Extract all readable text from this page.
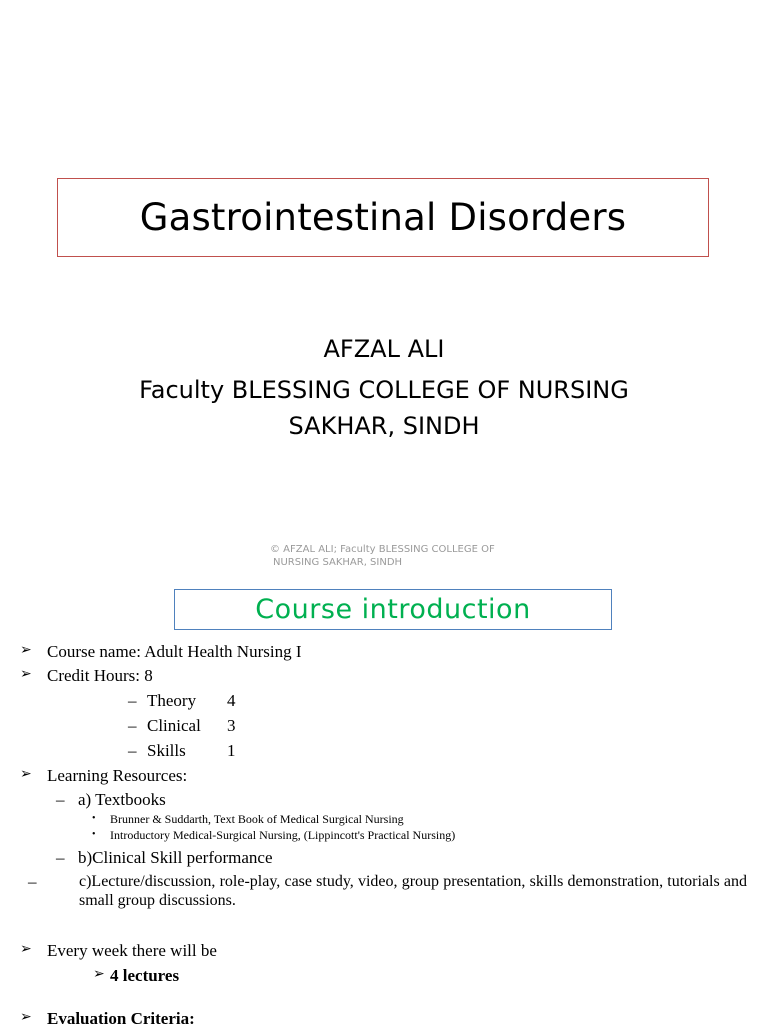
Gastrointestinal Disorders
AFZAL ALI
Faculty BLESSING COLLEGE OF NURSING
SAKHAR, SINDH
© AFZAL ALI; Faculty BLESSING COLLEGE OF
NURSING SAKHAR, SINDH
Course introduction
➢ Course name: Adult Health Nursing I
➢ Credit Hours: 8
– Theory 4
– Clinical 3
– Skills 1
➢ Learning Resources:
– a) Textbooks
• Brunner & Suddarth, Text Book of Medical Surgical Nursing
• Introductory Medical-Surgical Nursing, (Lippincott's Practical Nursing)
– b)Clinical Skill performance
–	c)Lecture/discussion, role-play, case study, video, group presentation, skills demonstration, tutorials and small group discussions.
➢ Every week there will be
➢ 4 lectures
➢ Evaluation Criteria:
